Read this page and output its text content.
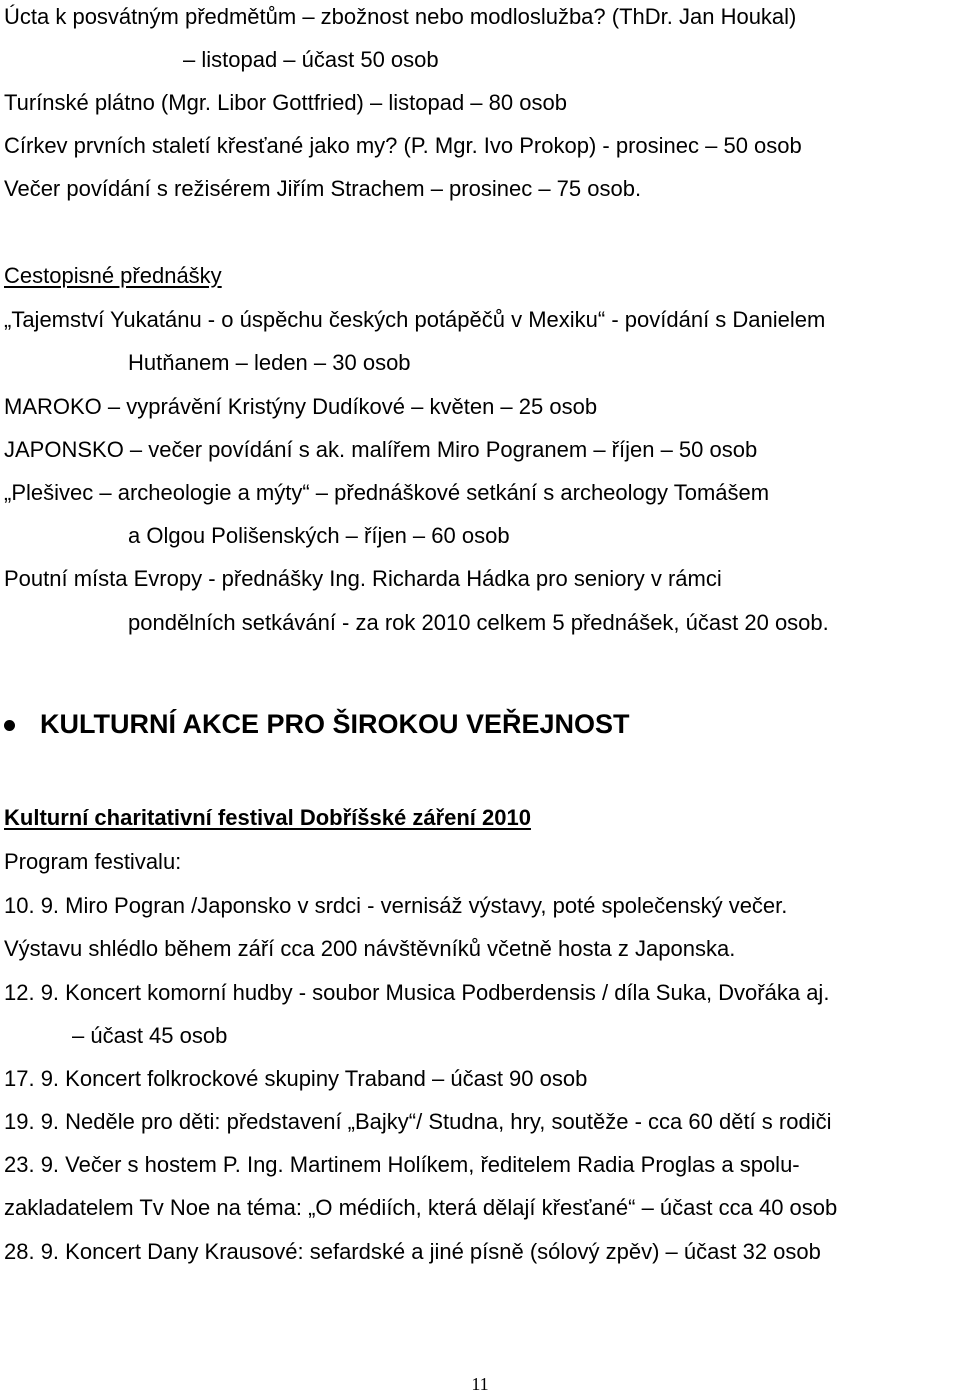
Úcta k posvátným předmětům – zbožnost nebo modloslužba? (ThDr. Jan Houkal)
– listopad – účast 50 osob
Turínské plátno (Mgr. Libor Gottfried) – listopad – 80 osob
Církev prvních staletí křesťané jako my? (P. Mgr. Ivo Prokop) - prosinec – 50 osob
Večer povídání s režisérem Jiřím Strachem – prosinec – 75 osob.
Cestopisné přednášky
„Tajemství Yukatánu - o úspěchu českých potápěčů v Mexiku“ - povídání s Danielem
Hutňanem – leden – 30 osob
MAROKO – vyprávění Kristýny Dudíkové – květen – 25 osob
JAPONSKO – večer povídání s ak. malířem Miro Pogranem – říjen – 50 osob
„Plešivec – archeologie a mýty“ – přednáškové setkání s archeology Tomášem
a Olgou Polišenských – říjen – 60 osob
Poutní místa Evropy - přednášky Ing. Richarda Hádka pro seniory v rámci
pondělních setkávání - za rok 2010 celkem 5 přednášek, účast 20 osob.
KULTURNÍ AKCE PRO ŠIROKOU VEŘEJNOST
Kulturní charitativní festival Dobříšské záření 2010
Program festivalu:
10. 9. Miro Pogran /Japonsko v srdci - vernisáž výstavy, poté společenský večer.
Výstavu shlédlo během září cca 200 návštěvníků včetně hosta z Japonska.
12. 9. Koncert komorní hudby - soubor Musica Podberdensis / díla Suka, Dvořáka aj.
– účast 45 osob
17. 9. Koncert folkrockové skupiny Traband – účast 90 osob
19. 9. Neděle pro děti: představení „Bajky“/ Studna, hry, soutěže - cca 60 dětí s rodiči
23. 9. Večer s hostem P. Ing. Martinem Holíkem, ředitelem Radia Proglas a spolu-
zakladatelem Tv Noe na téma: „O médiích, která dělají křesťané“ – účast cca 40 osob
28. 9. Koncert Dany Krausové: sefardské a jiné písně (sólový zpěv) – účast 32 osob
11
